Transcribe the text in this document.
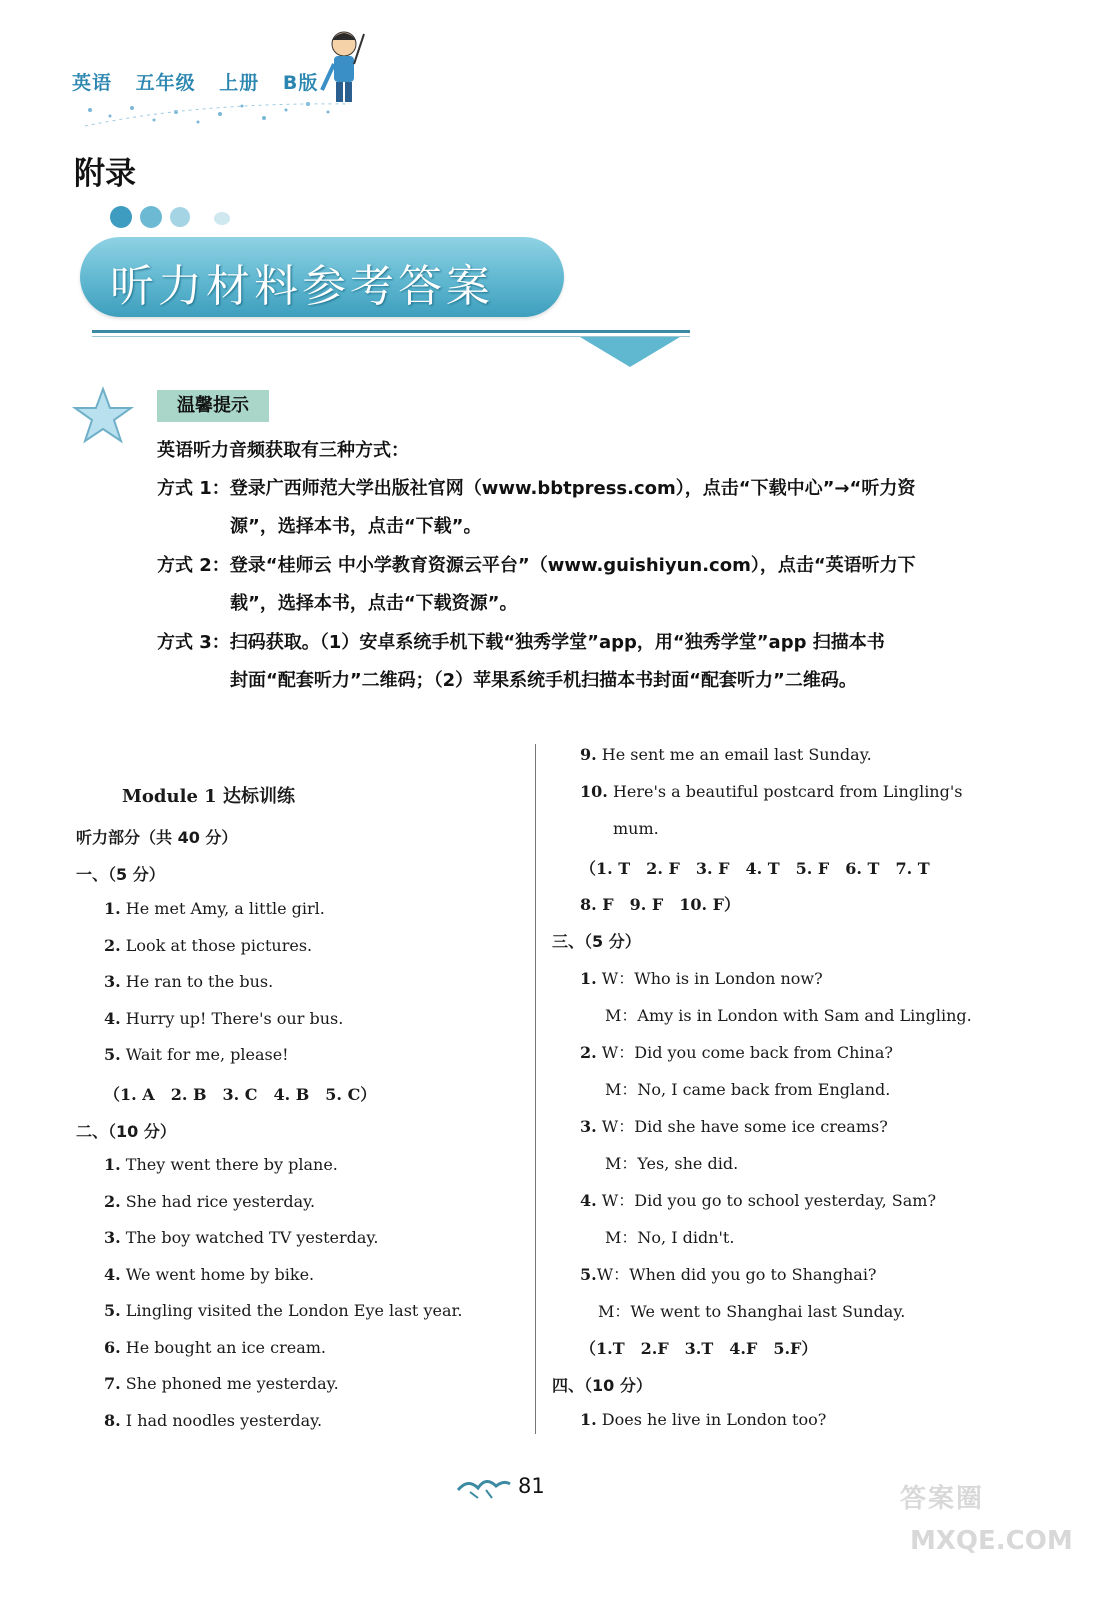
英语 五年级 上册 B版
附录
听力材料参考答案
温馨提示
英语听力音频获取有三种方式：
方式 1：登录广西师范大学出版社官网（www.bbtpress.com），点击“下载中心”→“听力资
源”，选择本书，点击“下载”。
方式 2：登录“桂师云 中小学教育资源云平台”（www.guishiyun.com），点击“英语听力下
载”，选择本书，点击“下载资源”。
方式 3：扫码获取。（1）安卓系统手机下载“独秀学堂”app，用“独秀学堂”app 扫描本书
封面“配套听力”二维码；（2）苹果系统手机扫描本书封面“配套听力”二维码。
Module 1 达标训练
听力部分（共 40 分）
一、（5 分）
1. He met Amy, a little girl.
2. Look at those pictures.
3. He ran to the bus.
4. Hurry up! There's our bus.
5. Wait for me, please!
（1. A　2. B　3. C　4. B　5. C）
二、（10 分）
1. They went there by plane.
2. She had rice yesterday.
3. The boy watched TV yesterday.
4. We went home by bike.
5. Lingling visited the London Eye last year.
6. He bought an ice cream.
7. She phoned me yesterday.
8. I had noodles yesterday.
9. He sent me an email last Sunday.
10. Here's a beautiful postcard from Lingling's
mum.
（1. T　2. F　3. F　4. T　5. F　6. T　7. T
8. F　9. F　10. F）
三、（5 分）
1. W：Who is in London now?
M：Amy is in London with Sam and Lingling.
2. W：Did you come back from China?
M：No, I came back from England.
3. W：Did she have some ice creams?
M：Yes, she did.
4. W：Did you go to school yesterday, Sam?
M：No, I didn't.
5.W：When did you go to Shanghai?
M：We went to Shanghai last Sunday.
（1.T　2.F　3.T　4.F　5.F）
四、（10 分）
1. Does he live in London too?
81	答案圈
MXQE.COM
